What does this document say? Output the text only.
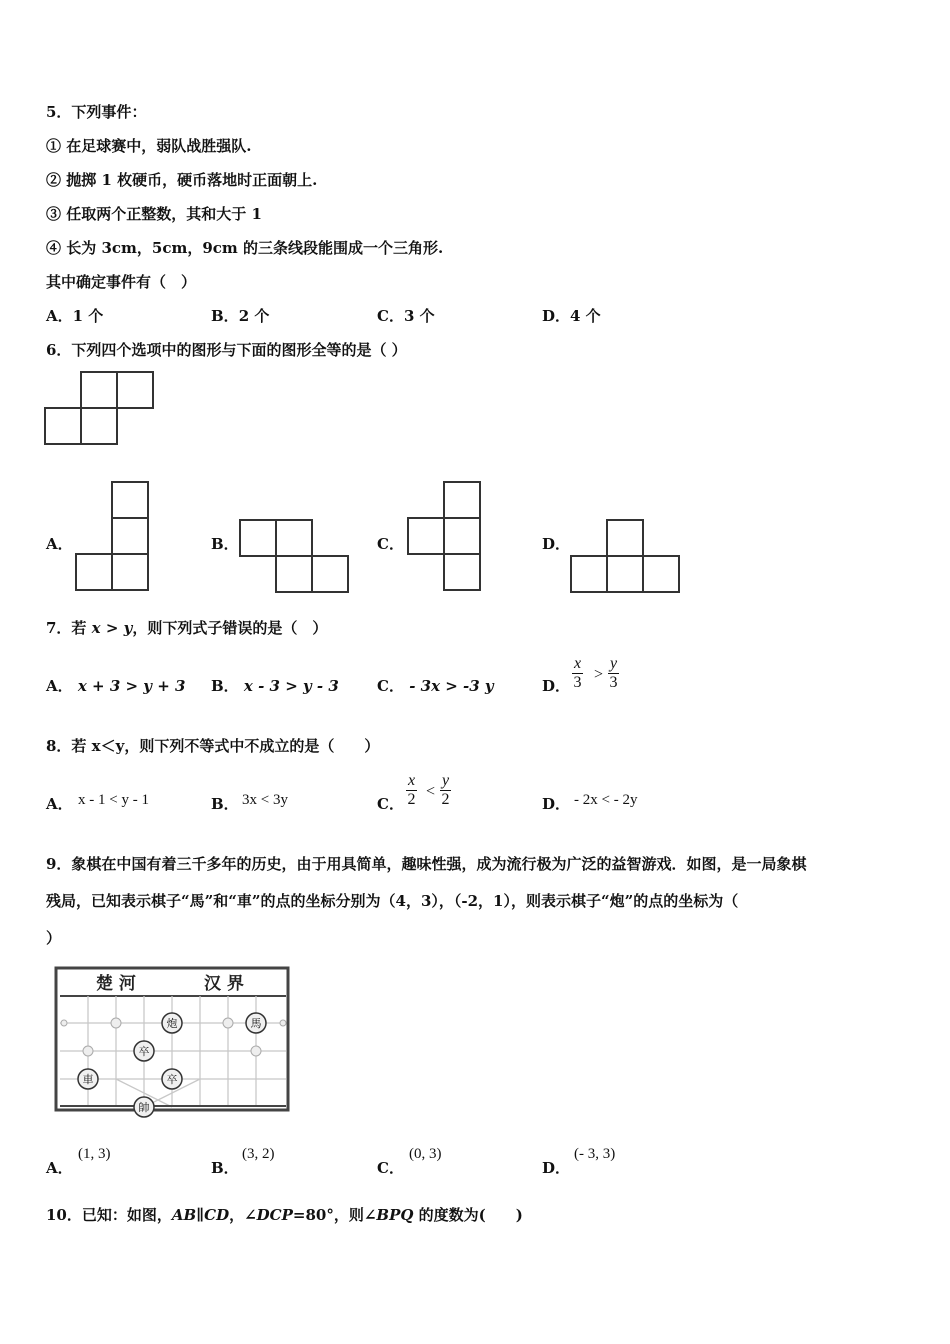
5．下列事件：
① 在足球赛中，弱队战胜强队.
② 抛掷 1 枚硬币，硬币落地时正面朝上.
③ 任取两个正整数，其和大于 1
④ 长为 3cm，5cm，9cm 的三条线段能围成一个三角形.
其中确定事件有（　）
A．1 个	B．2 个	C．3 个	D．4 个
6．下列四个选项中的图形与下面的图形全等的是（ ）
A．	B．	C．	D．
7．若 x > y，则下列式子错误的是（　）
A． x + 3 > y + 3 B． x - 3 > y - 3	C． - 3x > -3 y	D． $\frac{x}{3} > \frac{y}{3}$
8．若 x＜y，则下列不等式中不成立的是（　　）
A． x - 1 < y - 1	B． 3x < 3y	C． $\frac{x}{2} < \frac{y}{2}$	D． - 2x < - 2y
9．象棋在中国有着三千多年的历史，由于用具简单，趣味性强，成为流行极为广泛的益智游戏．如图，是一局象棋
残局，已知表示棋子“馬”和“車”的点的坐标分别为（4，3），（-2，1），则表示棋子“炮”的点的坐标为（
）
楚 河	汉 界
炮	馬
卒
車	卒
帥
A．
(1, 3)
B．
(3, 2)
C．
(0, 3)
D．
(- 3, 3)
10．已知：如图，AB∥CD，∠DCP=80°，则∠BPQ 的度数为(　　)
